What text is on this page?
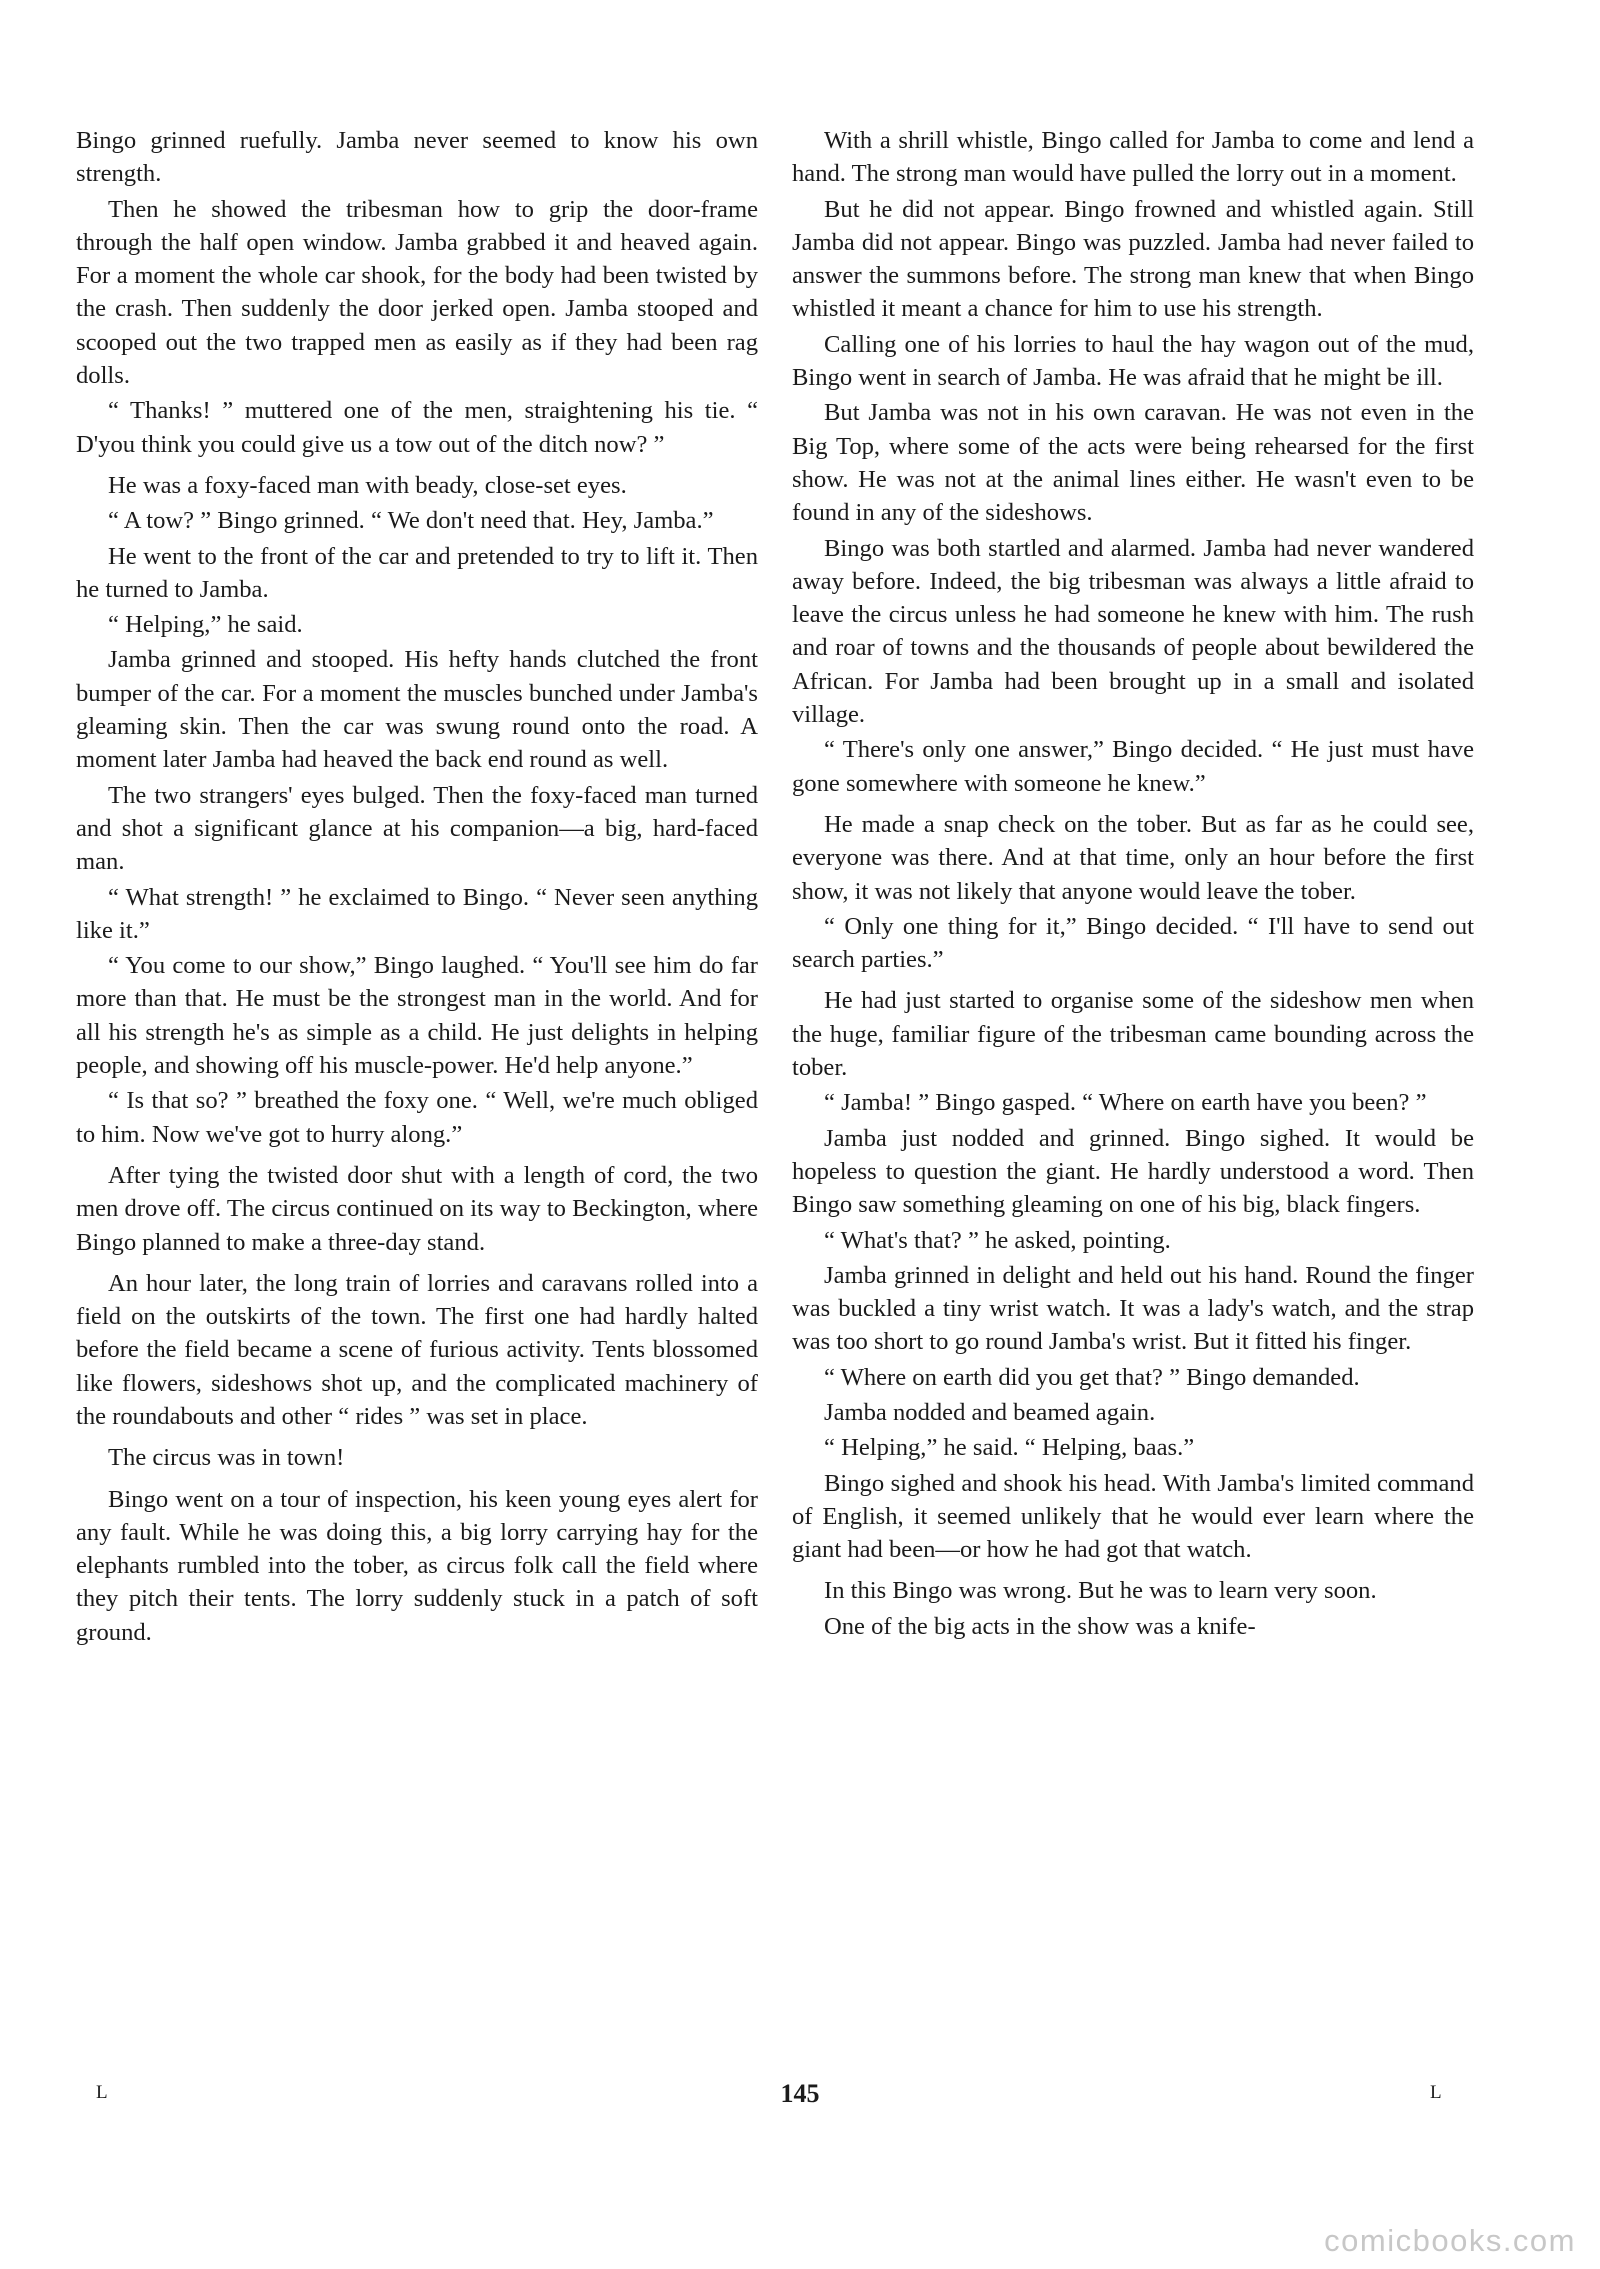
Bingo grinned ruefully. Jamba never seemed to know his own strength.

Then he showed the tribesman how to grip the door-frame through the half open window. Jamba grabbed it and heaved again. For a moment the whole car shook, for the body had been twisted by the crash. Then suddenly the door jerked open. Jamba stooped and scooped out the two trapped men as easily as if they had been rag dolls.

“ Thanks! ” muttered one of the men, straightening his tie. “ D'you think you could give us a tow out of the ditch now? ”

He was a foxy-faced man with beady, close-set eyes.

“ A tow? ” Bingo grinned. “ We don't need that. Hey, Jamba.”

He went to the front of the car and pretended to try to lift it. Then he turned to Jamba.

“ Helping,” he said.

Jamba grinned and stooped. His hefty hands clutched the front bumper of the car. For a moment the muscles bunched under Jamba's gleaming skin. Then the car was swung round onto the road. A moment later Jamba had heaved the back end round as well.

The two strangers' eyes bulged. Then the foxy-faced man turned and shot a significant glance at his companion—a big, hard-faced man.

“ What strength! ” he exclaimed to Bingo. “ Never seen anything like it.”

“ You come to our show,” Bingo laughed. “ You'll see him do far more than that. He must be the strongest man in the world. And for all his strength he's as simple as a child. He just delights in helping people, and showing off his muscle-power. He'd help anyone.”

“ Is that so? ” breathed the foxy one. “ Well, we're much obliged to him. Now we've got to hurry along.”

After tying the twisted door shut with a length of cord, the two men drove off. The circus continued on its way to Beckington, where Bingo planned to make a three-day stand.

An hour later, the long train of lorries and caravans rolled into a field on the outskirts of the town. The first one had hardly halted before the field became a scene of furious activity. Tents blossomed like flowers, sideshows shot up, and the complicated machinery of the roundabouts and other “ rides ” was set in place.

The circus was in town!

Bingo went on a tour of inspection, his keen young eyes alert for any fault. While he was doing this, a big lorry carrying hay for the elephants rumbled into the tober, as circus folk call the field where they pitch their tents. The lorry suddenly stuck in a patch of soft ground.

With a shrill whistle, Bingo called for Jamba to come and lend a hand. The strong man would have pulled the lorry out in a moment.

But he did not appear. Bingo frowned and whistled again. Still Jamba did not appear. Bingo was puzzled. Jamba had never failed to answer the summons before. The strong man knew that when Bingo whistled it meant a chance for him to use his strength.

Calling one of his lorries to haul the hay wagon out of the mud, Bingo went in search of Jamba. He was afraid that he might be ill.

But Jamba was not in his own caravan. He was not even in the Big Top, where some of the acts were being rehearsed for the first show. He was not at the animal lines either. He wasn't even to be found in any of the sideshows.

Bingo was both startled and alarmed. Jamba had never wandered away before. Indeed, the big tribesman was always a little afraid to leave the circus unless he had someone he knew with him. The rush and roar of towns and the thousands of people about bewildered the African. For Jamba had been brought up in a small and isolated village.

“ There's only one answer,” Bingo decided. “ He just must have gone somewhere with someone he knew.”

He made a snap check on the tober. But as far as he could see, everyone was there. And at that time, only an hour before the first show, it was not likely that anyone would leave the tober.

“ Only one thing for it,” Bingo decided. “ I'll have to send out search parties.”

He had just started to organise some of the sideshow men when the huge, familiar figure of the tribesman came bounding across the tober.

“ Jamba! ” Bingo gasped. “ Where on earth have you been? ”

Jamba just nodded and grinned. Bingo sighed. It would be hopeless to question the giant. He hardly understood a word. Then Bingo saw something gleaming on one of his big, black fingers.

“ What's that? ” he asked, pointing.

Jamba grinned in delight and held out his hand. Round the finger was buckled a tiny wrist watch. It was a lady's watch, and the strap was too short to go round Jamba's wrist. But it fitted his finger.

“ Where on earth did you get that? ” Bingo demanded.

Jamba nodded and beamed again.

“ Helping,” he said. “ Helping, baas.”

Bingo sighed and shook his head. With Jamba's limited command of English, it seemed unlikely that he would ever learn where the giant had been—or how he had got that watch.

In this Bingo was wrong. But he was to learn very soon.

One of the big acts in the show was a knife-

L	145	L
comicbooks.com
